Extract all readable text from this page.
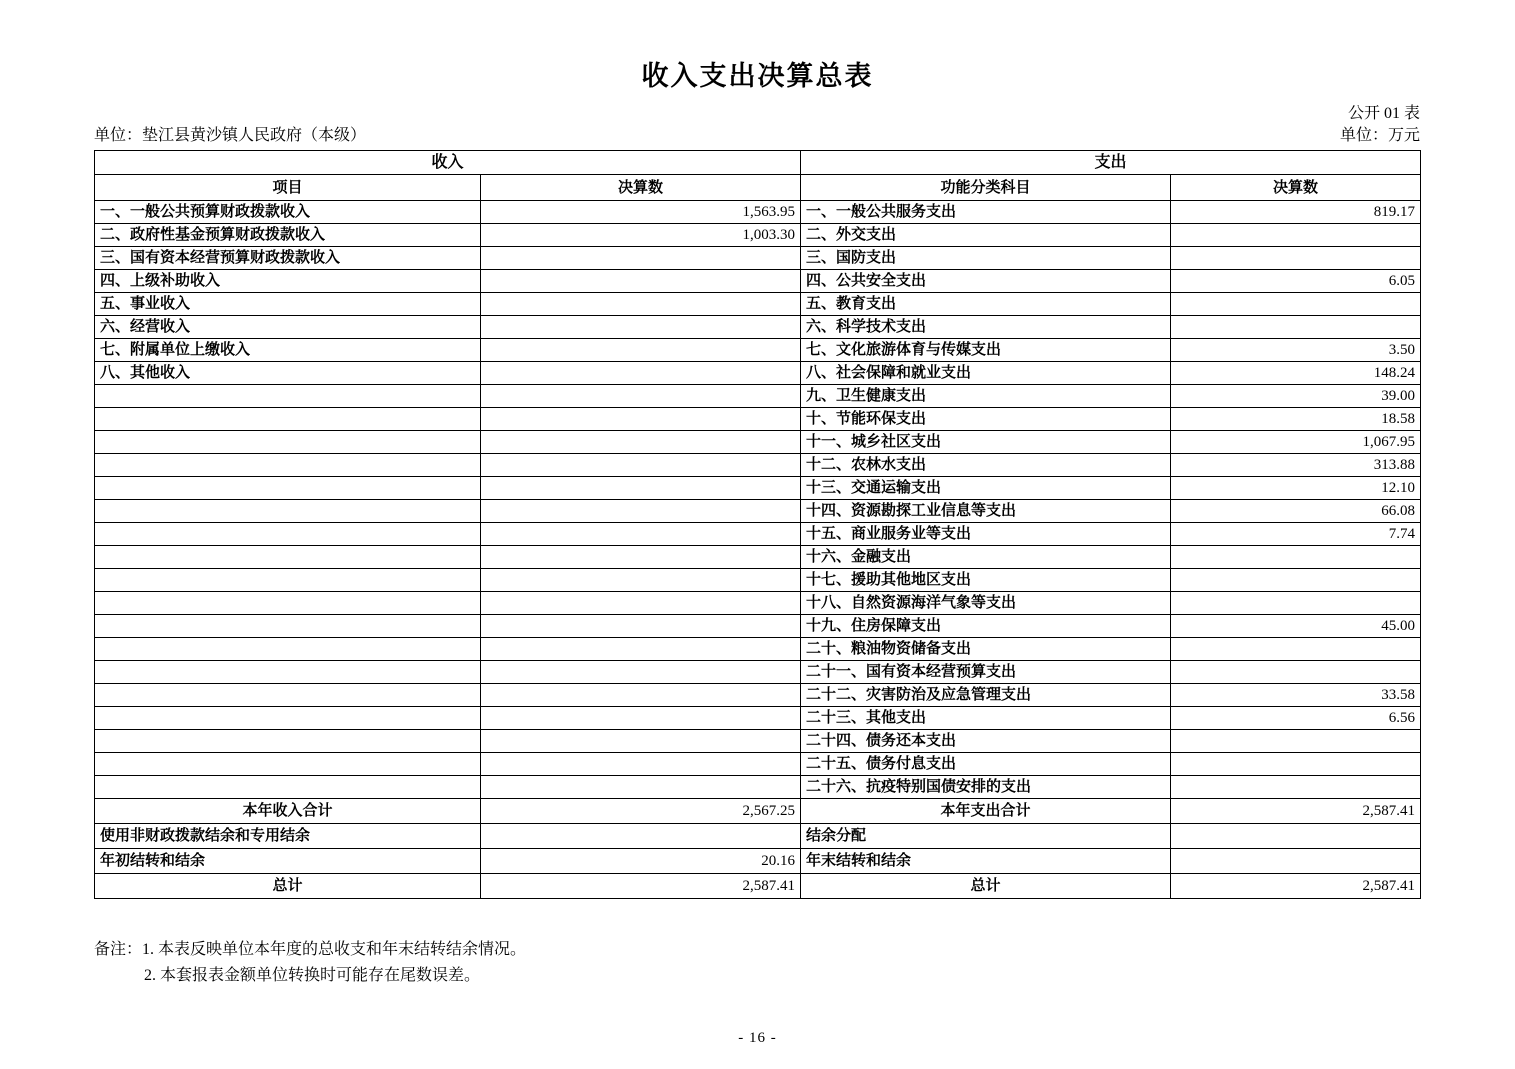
收入支出决算总表
公开 01 表
单位：垫江县黄沙镇人民政府（本级）	单位：万元
收入		支出	
项目	决算数	功能分类科目	决算数
一、一般公共预算财政拨款收入	1,563.95	一、一般公共服务支出	819.17
二、政府性基金预算财政拨款收入	1,003.30	二、外交支出	
三、国有资本经营预算财政拨款收入		三、国防支出	
四、上级补助收入		四、公共安全支出	6.05
五、事业收入		五、教育支出	
六、经营收入		六、科学技术支出	
七、附属单位上缴收入		七、文化旅游体育与传媒支出	3.50
八、其他收入		八、社会保障和就业支出	148.24
		九、卫生健康支出	39.00
		十、节能环保支出	18.58
		十一、城乡社区支出	1,067.95
		十二、农林水支出	313.88
		十三、交通运输支出	12.10
		十四、资源勘探工业信息等支出	66.08
		十五、商业服务业等支出	7.74
		十六、金融支出	
		十七、援助其他地区支出	
		十八、自然资源海洋气象等支出	
		十九、住房保障支出	45.00
		二十、粮油物资储备支出	
		二十一、国有资本经营预算支出	
		二十二、灾害防治及应急管理支出	33.58
		二十三、其他支出	6.56
		二十四、债务还本支出	
		二十五、债务付息支出	
		二十六、抗疫特别国债安排的支出	
本年收入合计	2,567.25	本年支出合计	2,587.41
使用非财政拨款结余和专用结余		结余分配	
年初结转和结余	20.16	年末结转和结余	
总计	2,587.41	总计	2,587.41
备注：1. 本表反映单位本年度的总收支和年末结转结余情况。
2. 本套报表金额单位转换时可能存在尾数误差。
- 16 -
